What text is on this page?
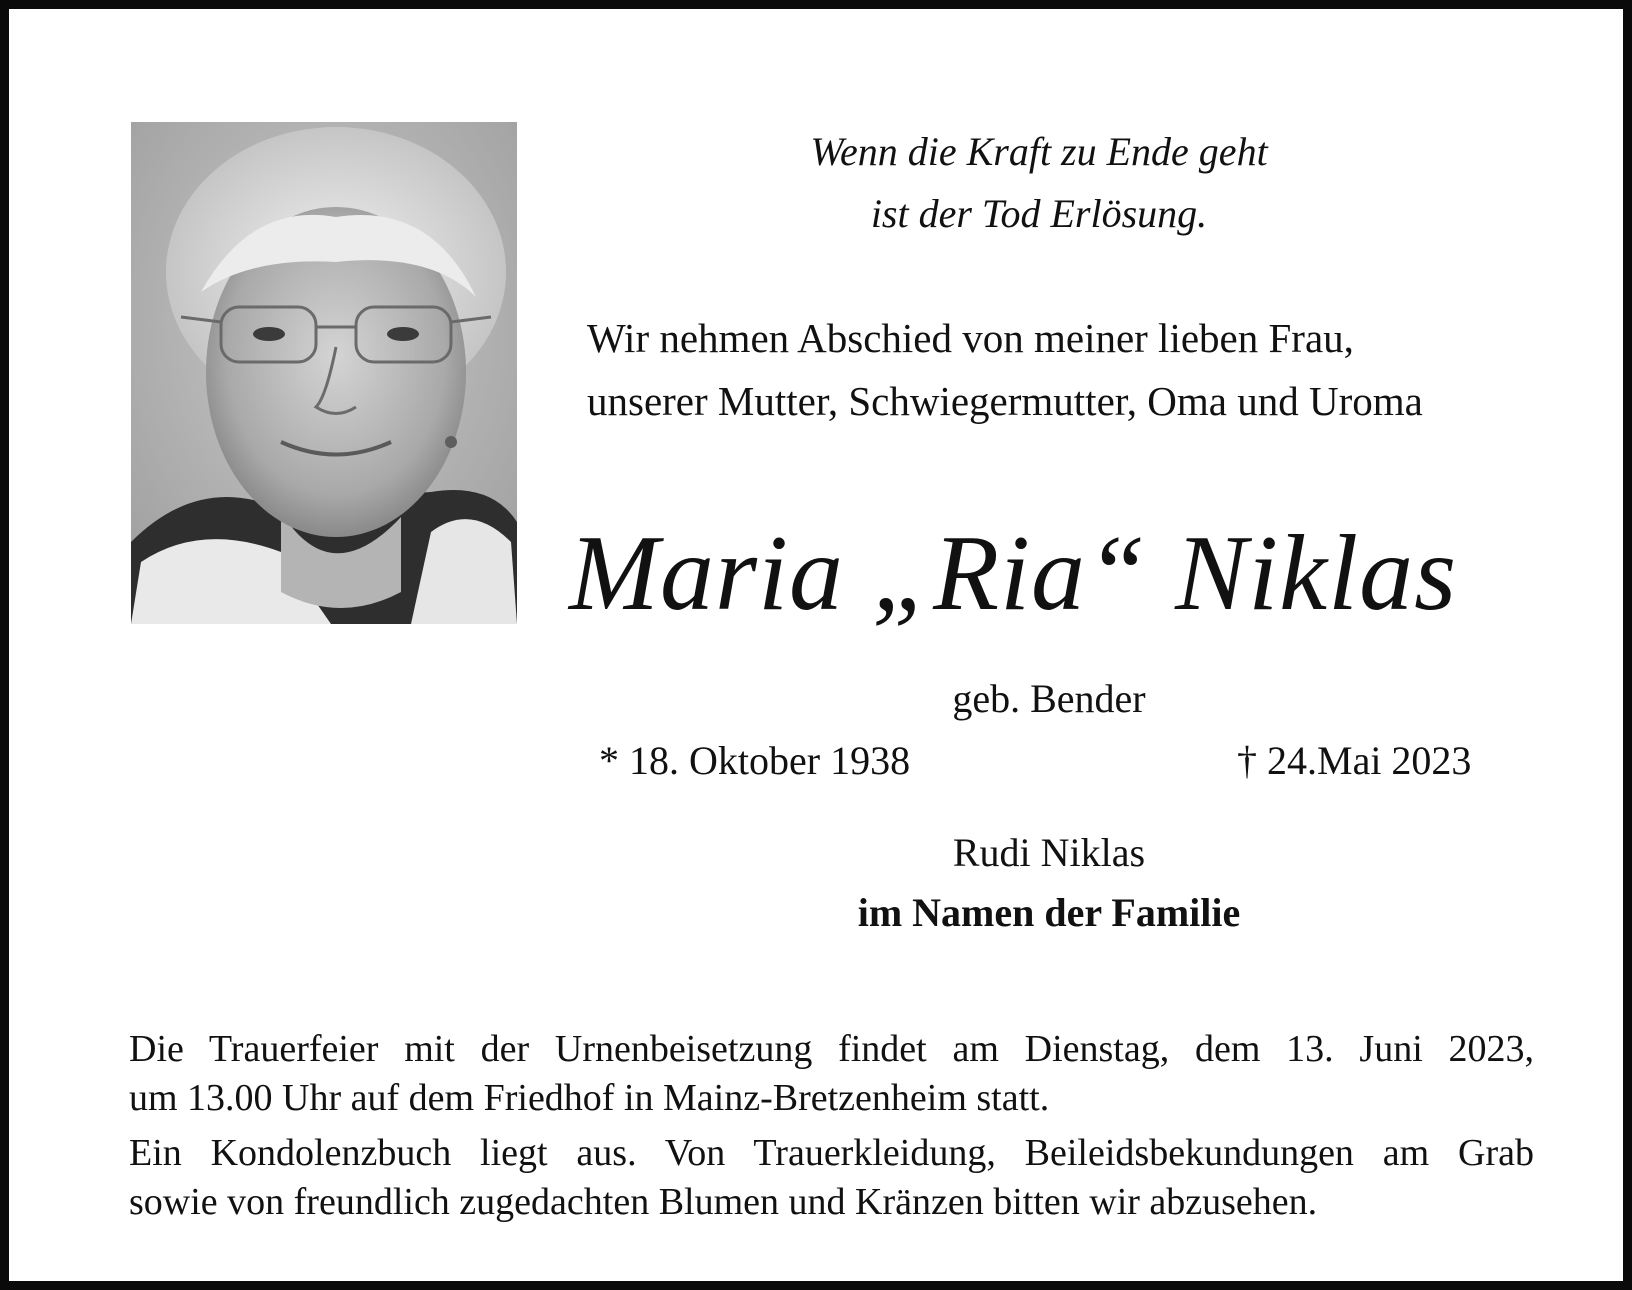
Wenn die Kraft zu Ende geht
ist der Tod Erlösung.
Wir nehmen Abschied von meiner lieben Frau,
unserer Mutter, Schwiegermutter, Oma und Uroma
Maria „Ria“ Niklas
geb. Bender
* 18. Oktober 1938	† 24.Mai 2023
Rudi Niklas
im Namen der Familie

Die Trauerfeier mit der Urnenbeisetzung findet am Dienstag, dem 13. Juni 2023,
um 13.00 Uhr auf dem Friedhof in Mainz-Bretzenheim statt.

Ein Kondolenzbuch liegt aus. Von Trauerkleidung, Beileidsbekundungen am Grab
sowie von freundlich zugedachten Blumen und Kränzen bitten wir abzusehen.
